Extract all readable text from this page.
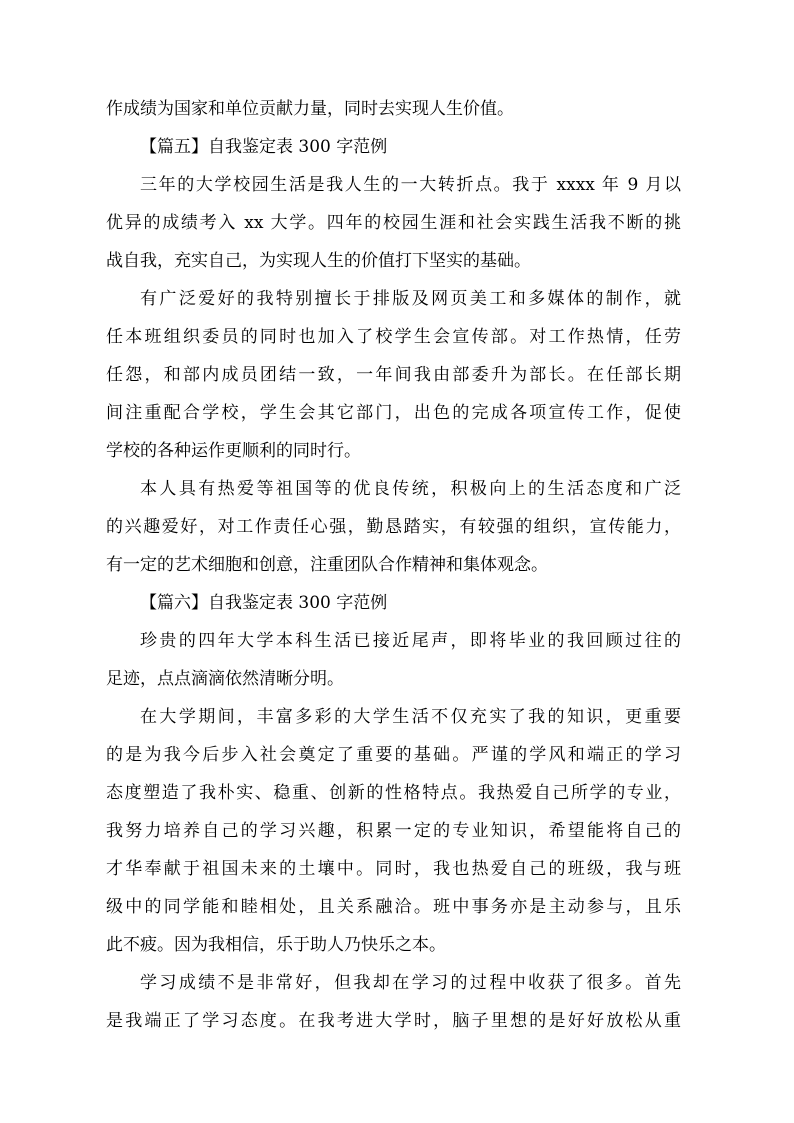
作成绩为国家和单位贡献力量，同时去实现人生价值。
【篇五】自我鉴定表 300 字范例
三年的大学校园生活是我人生的一大转折点。我于 xxxx 年 9 月以
优异的成绩考入 xx 大学。四年的校园生涯和社会实践生活我不断的挑
战自我，充实自己，为实现人生的价值打下坚实的基础。
有广泛爱好的我特别擅长于排版及网页美工和多媒体的制作，就
任本班组织委员的同时也加入了校学生会宣传部。对工作热情，任劳
任怨，和部内成员团结一致，一年间我由部委升为部长。在任部长期
间注重配合学校，学生会其它部门，出色的完成各项宣传工作，促使
学校的各种运作更顺利的同时行。
本人具有热爱等祖国等的优良传统，积极向上的生活态度和广泛
的兴趣爱好，对工作责任心强，勤恳踏实，有较强的组织，宣传能力，
有一定的艺术细胞和创意，注重团队合作精神和集体观念。
【篇六】自我鉴定表 300 字范例
珍贵的四年大学本科生活已接近尾声，即将毕业的我回顾过往的
足迹，点点滴滴依然清晰分明。
在大学期间，丰富多彩的大学生活不仅充实了我的知识，更重要
的是为我今后步入社会奠定了重要的基础。严谨的学风和端正的学习
态度塑造了我朴实、稳重、创新的性格特点。我热爱自己所学的专业，
我努力培养自己的学习兴趣，积累一定的专业知识，希望能将自己的
才华奉献于祖国未来的土壤中。同时，我也热爱自己的班级，我与班
级中的同学能和睦相处，且关系融洽。班中事务亦是主动参与，且乐
此不疲。因为我相信，乐于助人乃快乐之本。
学习成绩不是非常好，但我却在学习的过程中收获了很多。首先
是我端正了学习态度。在我考进大学时，脑子里想的是好好放松从重
